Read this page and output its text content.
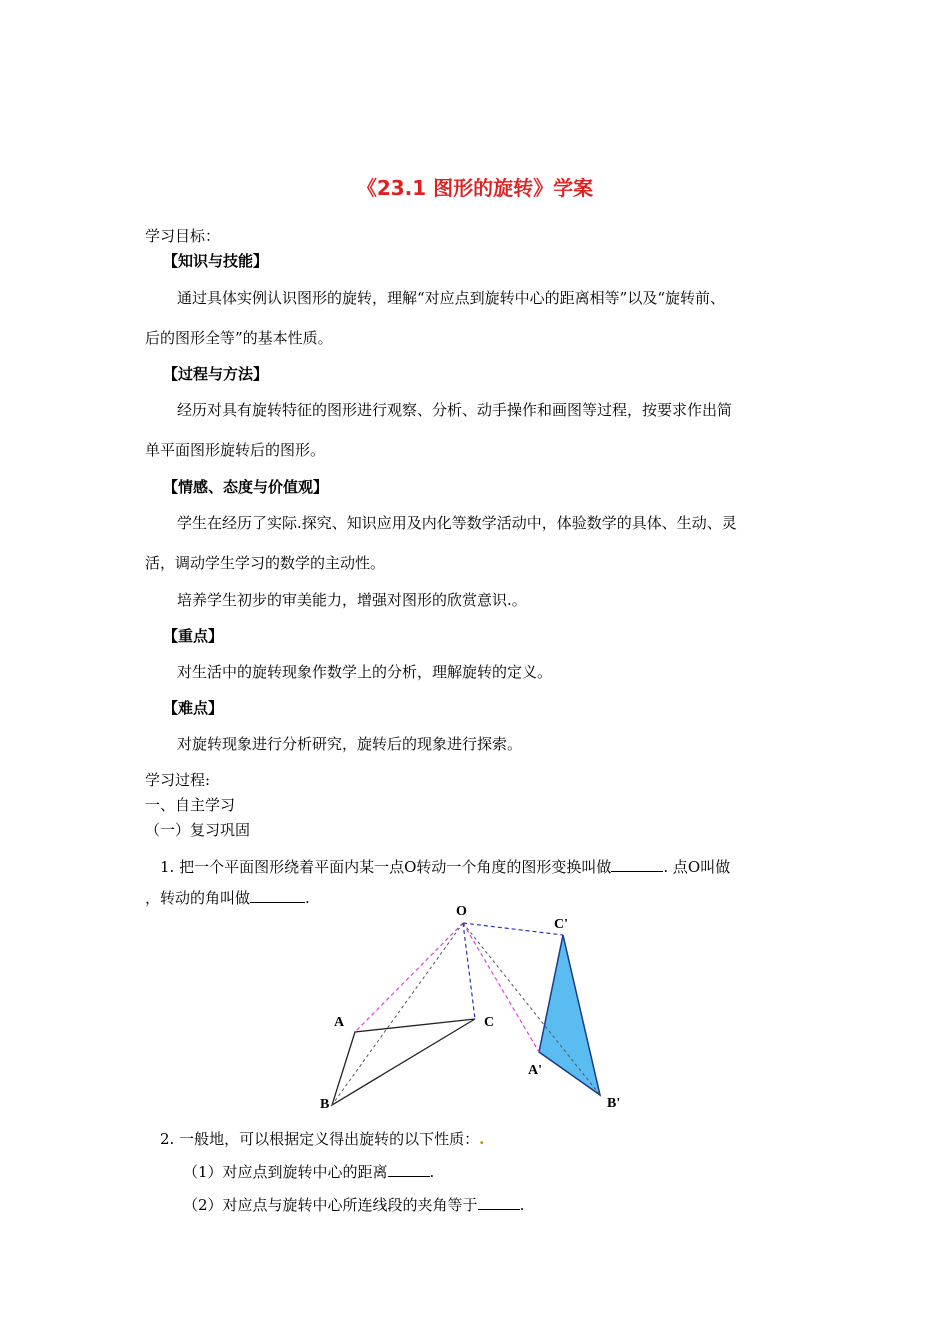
《23.1 图形的旋转》学案
学习目标：
【知识与技能】
通过具体实例认识图形的旋转，理解“对应点到旋转中心的距离相等”以及“旋转前、
后的图形全等”的基本性质。
【过程与方法】
经历对具有旋转特征的图形进行观察、分析、动手操作和画图等过程，按要求作出简
单平面图形旋转后的图形。
【情感、态度与价值观】
学生在经历了实际.探究、知识应用及内化等数学活动中，体验数学的具体、生动、灵
活，调动学生学习的数学的主动性。
培养学生初步的审美能力，增强对图形的欣赏意识.。
【重点】
对生活中的旋转现象作数学上的分析，理解旋转的定义。
【难点】
对旋转现象进行分析研究，旋转后的现象进行探索。
学习过程:
一、自主学习
（一）复习巩固
1. 把一个平面图形绕着平面内某一点O转动一个角度的图形变换叫做	. 点O叫做
，转动的角叫做	.
O
C'
A	C
A'
B	B'
2. 一般地，可以根据定义得出旋转的以下性质：.
（1）对应点到旋转中心的距离	.
（2）对应点与旋转中心所连线段的夹角等于	.
